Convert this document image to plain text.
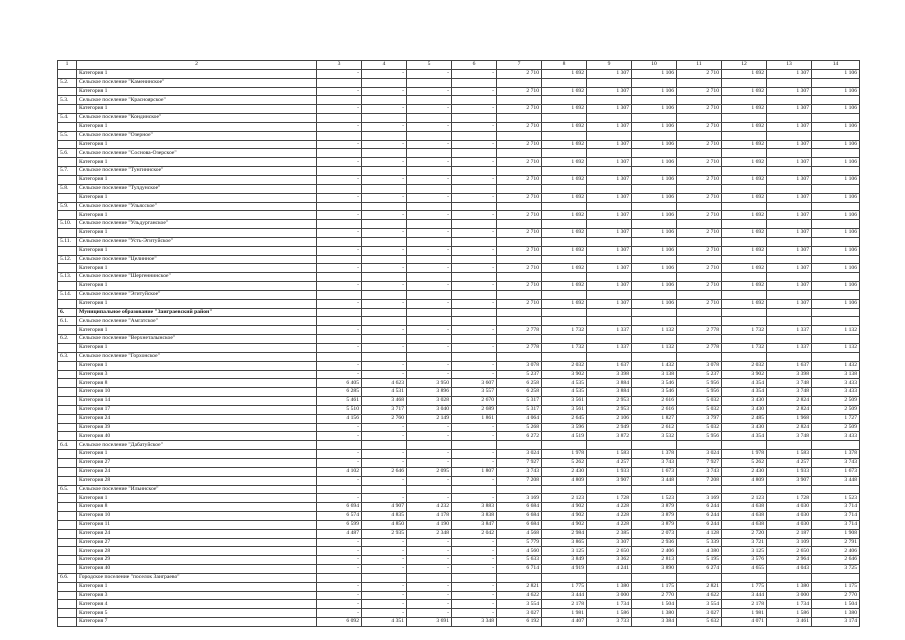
1	2	3	4	5	6	7	8	9	10	11	12	13	14
	Категория 1	-	-	-	-	2 710	1 692	1 307	1 106	2 710	1 692	1 307	1 106
5.2.	Сельское поселение "Каменинское"												
	Категория 1	-	-	-	-	2 710	1 692	1 307	1 106	2 710	1 692	1 307	1 106
5.3.	Сельское поселение "Красноярское"												
	Категория 1	-	-	-	-	2 710	1 692	1 307	1 106	2 710	1 692	1 307	1 106
5.4.	Сельское поселение "Кондинское"												
	Категория 1	-	-	-	-	2 710	1 692	1 307	1 106	2 710	1 692	1 307	1 106
5.5.	Сельское поселение "Озерное"												
	Категория 1	-	-	-	-	2 710	1 692	1 307	1 106	2 710	1 692	1 307	1 106
5.6.	Сельское поселение "Соснова-Озерское"												
	Категория 1	-	-	-	-	2 710	1 692	1 307	1 106	2 710	1 692	1 307	1 106
5.7.	Сельское поселение "Тунгиннское"												
	Категория 1	-	-	-	-	2 710	1 692	1 307	1 106	2 710	1 692	1 307	1 106
5.8.	Сельское поселение "Тулдунское"												
	Категория 1	-	-	-	-	2 710	1 692	1 307	1 106	2 710	1 692	1 307	1 106
5.9.	Сельское поселение "Ульясское"												
	Категория 1	-	-	-	-	2 710	1 692	1 307	1 106	2 710	1 692	1 307	1 106
5.10.	Сельское поселение "Ульдурганское"												
	Категория 1	-	-	-	-	2 710	1 692	1 307	1 106	2 710	1 692	1 307	1 106
5.11.	Сельское поселение "Усть-Эгитуйское"												
	Категория 1	-	-	-	-	2 710	1 692	1 307	1 106	2 710	1 692	1 307	1 106
5.12.	Сельское поселение "Целинное"												
	Категория 1	-	-	-	-	2 710	1 692	1 307	1 106	2 710	1 692	1 307	1 106
5.13.	Сельское поселение "Шергеннинское"												
	Категория 1	-	-	-	-	2 710	1 692	1 307	1 106	2 710	1 692	1 307	1 106
5.14.	Сельское поселение "Эгитуйское"												
	Категория 1	-	-	-	-	2 710	1 692	1 307	1 106	2 710	1 692	1 307	1 106
6.	Муниципальное образование "Заиграевский район"												
6.1.	Сельское поселение "Амгатское"												
	Категория 1	-	-	-	-	2 778	1 732	1 337	1 132	2 778	1 732	1 337	1 132
6.2.	Сельское поселение "Верхнеталынское"												
	Категория 1	-	-	-	-	2 778	1 732	1 337	1 132	2 778	1 732	1 337	1 132
6.3.	Сельское поселение "Горхонское"												
	Категория 1	-	-	-	-	3 078	2 032	1 637	1 432	3 078	2 032	1 637	1 432
	Категория 3	-	-	-	-	5 237	3 902	3 398	3 138	5 237	3 902	3 398	3 138
	Категория 8	6 405	4 623	3 950	3 607	6 258	4 535	3 884	3 546	5 956	4 354	3 748	3 433
	Категория 10	6 285	4 531	3 896	3 557	6 258	4 535	3 884	3 546	5 956	4 354	3 748	3 433
	Категория 14	5 461	3 468	3 028	2 670	5 317	3 561	2 953	2 616	5 032	3 430	2 824	2 509
	Категория 17	5 510	3 717	3 040	2 689	5 317	3 561	2 953	2 616	5 032	3 430	2 824	2 509
	Категория 24	4 156	2 760	2 149	1 861	4 064	2 645	2 106	1 827	3 797	2 485	1 968	1 727
	Категория 39	-	-	-	-	5 268	3 596	2 949	2 612	5 032	3 430	2 824	2 509
	Категория 40	-	-	-	-	6 272	4 519	3 872	3 532	5 956	4 354	3 748	3 433
6.4.	Сельское поселение "Дабатуйское"												
	Категория 1	-	-	-	-	3 024	1 978	1 583	1 378	3 024	1 978	1 583	1 378
	Категория 27	-	-	-	-	7 927	5 262	4 257	3 743	7 927	5 262	4 257	3 743
	Категория 24	4 102	2 646	2 095	1 807	3 743	2 430	1 933	1 673	3 743	2 430	1 933	1 673
	Категория 28	-	-	-	-	7 208	4 809	3 907	3 448	7 208	4 809	3 907	3 448
6.5.	Сельское поселение "Ильинское"												
	Категория 1	-	-	-	-	3 169	2 123	1 728	1 523	3 169	2 123	1 728	1 523
	Категория 8	6 694	4 907	4 232	3 883	6 684	4 902	4 228	3 879	6 244	4 638	4 030	3 714
	Категория 10	6 574	4 835	4 178	3 838	6 684	4 902	4 228	3 879	6 244	4 638	4 030	3 714
	Категория 11	6 599	4 850	4 190	3 847	6 684	4 902	4 228	3 879	6 244	4 638	4 030	3 714
	Категория 24	4 487	2 935	2 348	2 042	4 568	2 984	2 385	2 073	4 128	2 720	2 187	1 908
	Категория 27	-	-	-	-	5 779	3 865	3 307	2 936	5 339	3 721	3 109	2 791
	Категория 28	-	-	-	-	4 560	3 125	2 650	2 406	4 380	3 125	2 650	2 406
	Категория 29	-	-	-	-	5 633	3 849	3 362	2 813	5 195	3 576	2 964	2 646
	Категория 40	-	-	-	-	6 714	4 919	4 241	3 890	6 274	4 655	4 043	3 725
6.6.	Городское поселение "поселок Заиграево"												
	Категория 1	-	-	-	-	2 821	1 775	1 380	1 175	2 821	1 775	1 380	1 175
	Категория 3	-	-	-	-	4 622	3 444	3 000	2 770	4 622	3 444	3 000	2 770
	Категория 4	-	-	-	-	3 554	2 178	1 734	1 504	3 554	2 178	1 734	1 504
	Категория 5	-	-	-	-	3 027	1 981	1 586	1 380	3 027	1 981	1 586	1 380
	Категория 7	6 092	4 351	3 691	3 348	6 192	4 407	3 733	3 384	5 632	4 071	3 461	3 174
